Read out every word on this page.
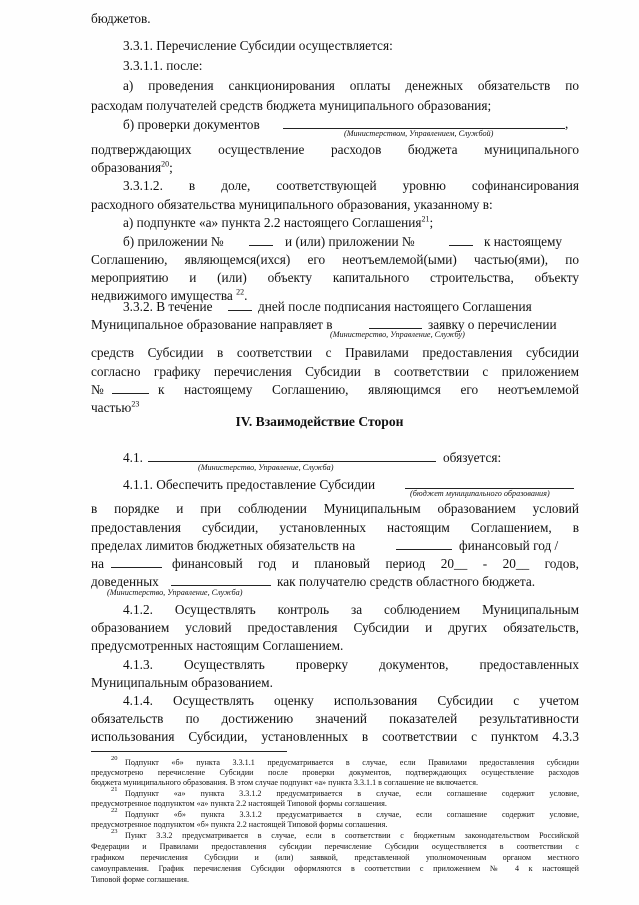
бюджетов.
3.3.1. Перечисление Субсидии осуществляется:
3.3.1.1. после:
а) проведения санкционирования оплаты денежных обязательств по
расходам получателей средств бюджета муниципального образования;
б) проверки документов	,
(Министерством, Управлением, Службой)
подтверждающих осуществление расходов бюджета муниципального
образования$^{20}$;
3.3.1.2. в доле, соответствующей уровню софинансирования
расходного обязательства муниципального образования, указанному в:
а) подпункте «а» пункта 2.2 настоящего Соглашения$^{21}$;
б) приложении №	и (или) приложении №	к настоящему
Соглашению, являющемся(ихся) его неотъемлемой(ыми) частью(ями), по
мероприятию и (или) объекту капитального строительства, объекту
недвижимого имущества $^{22}$.
3.3.2. В течение	дней после подписания настоящего Соглашения
Муниципальное образование направляет в	заявку о перечислении
(Министерство, Управление, Службу)
средств Субсидии в соответствии с Правилами предоставления субсидии
согласно графику перечисления Субсидии в соответствии с приложением
№	к настоящему Соглашению, являющимся его неотъемлемой
частью$^{23}$
IV. Взаимодействие Сторон
4.1.	обязуется:
(Министерство, Управление, Служба)
4.1.1. Обеспечить предоставление Субсидии
(бюджет муниципального образования)
в порядке и при соблюдении Муниципальным образованием условий
предоставления субсидии, установленных настоящим Соглашением, в
пределах лимитов бюджетных обязательств на	финансовый год /
на	финансовый год и плановый период 20__ - 20__ годов,
доведенных	как получателю средств областного бюджета.
(Министерство, Управление, Служба)
4.1.2. Осуществлять контроль за соблюдением Муниципальным
образованием условий предоставления Субсидии и других обязательств,
предусмотренных настоящим Соглашением.
4.1.3. Осуществлять проверку документов, предоставленных
Муниципальным образованием.
4.1.4. Осуществлять оценку использования Субсидии с учетом
обязательств по достижению значений показателей результативности
использования Субсидии, установленных в соответствии с пунктом 4.3.3
20 Подпункт «б» пункта 3.3.1.1 предусматривается в случае, если Правилами предоставления субсидии
предусмотрено перечисление Субсидии после проверки документов, подтверждающих осуществление расходов
бюджета муниципального образования. В этом случае подпункт «а» пункта 3.3.1.1 в соглашение не включается.
21 Подпункт «а» пункта 3.3.1.2 предусматривается в случае, если соглашение содержит условие,
предусмотренное подпунктом «а» пункта 2.2 настоящей Типовой формы соглашения.
22 Подпункт «б» пункта 3.3.1.2 предусматривается в случае, если соглашение содержит условие,
предусмотренное подпунктом «б» пункта 2.2 настоящей Типовой формы соглашения.
23 Пункт 3.3.2 предусматривается в случае, если в соответствии с бюджетным законодательством Российской
Федерации и Правилами предоставления субсидии перечисление Субсидии осуществляется в соответствии с
графиком перечисления Субсидии и (или) заявкой, представленной уполномоченным органом местного
самоуправления. График перечисления Субсидии оформляются в соответствии с приложением № 4 к настоящей
Типовой форме соглашения.
